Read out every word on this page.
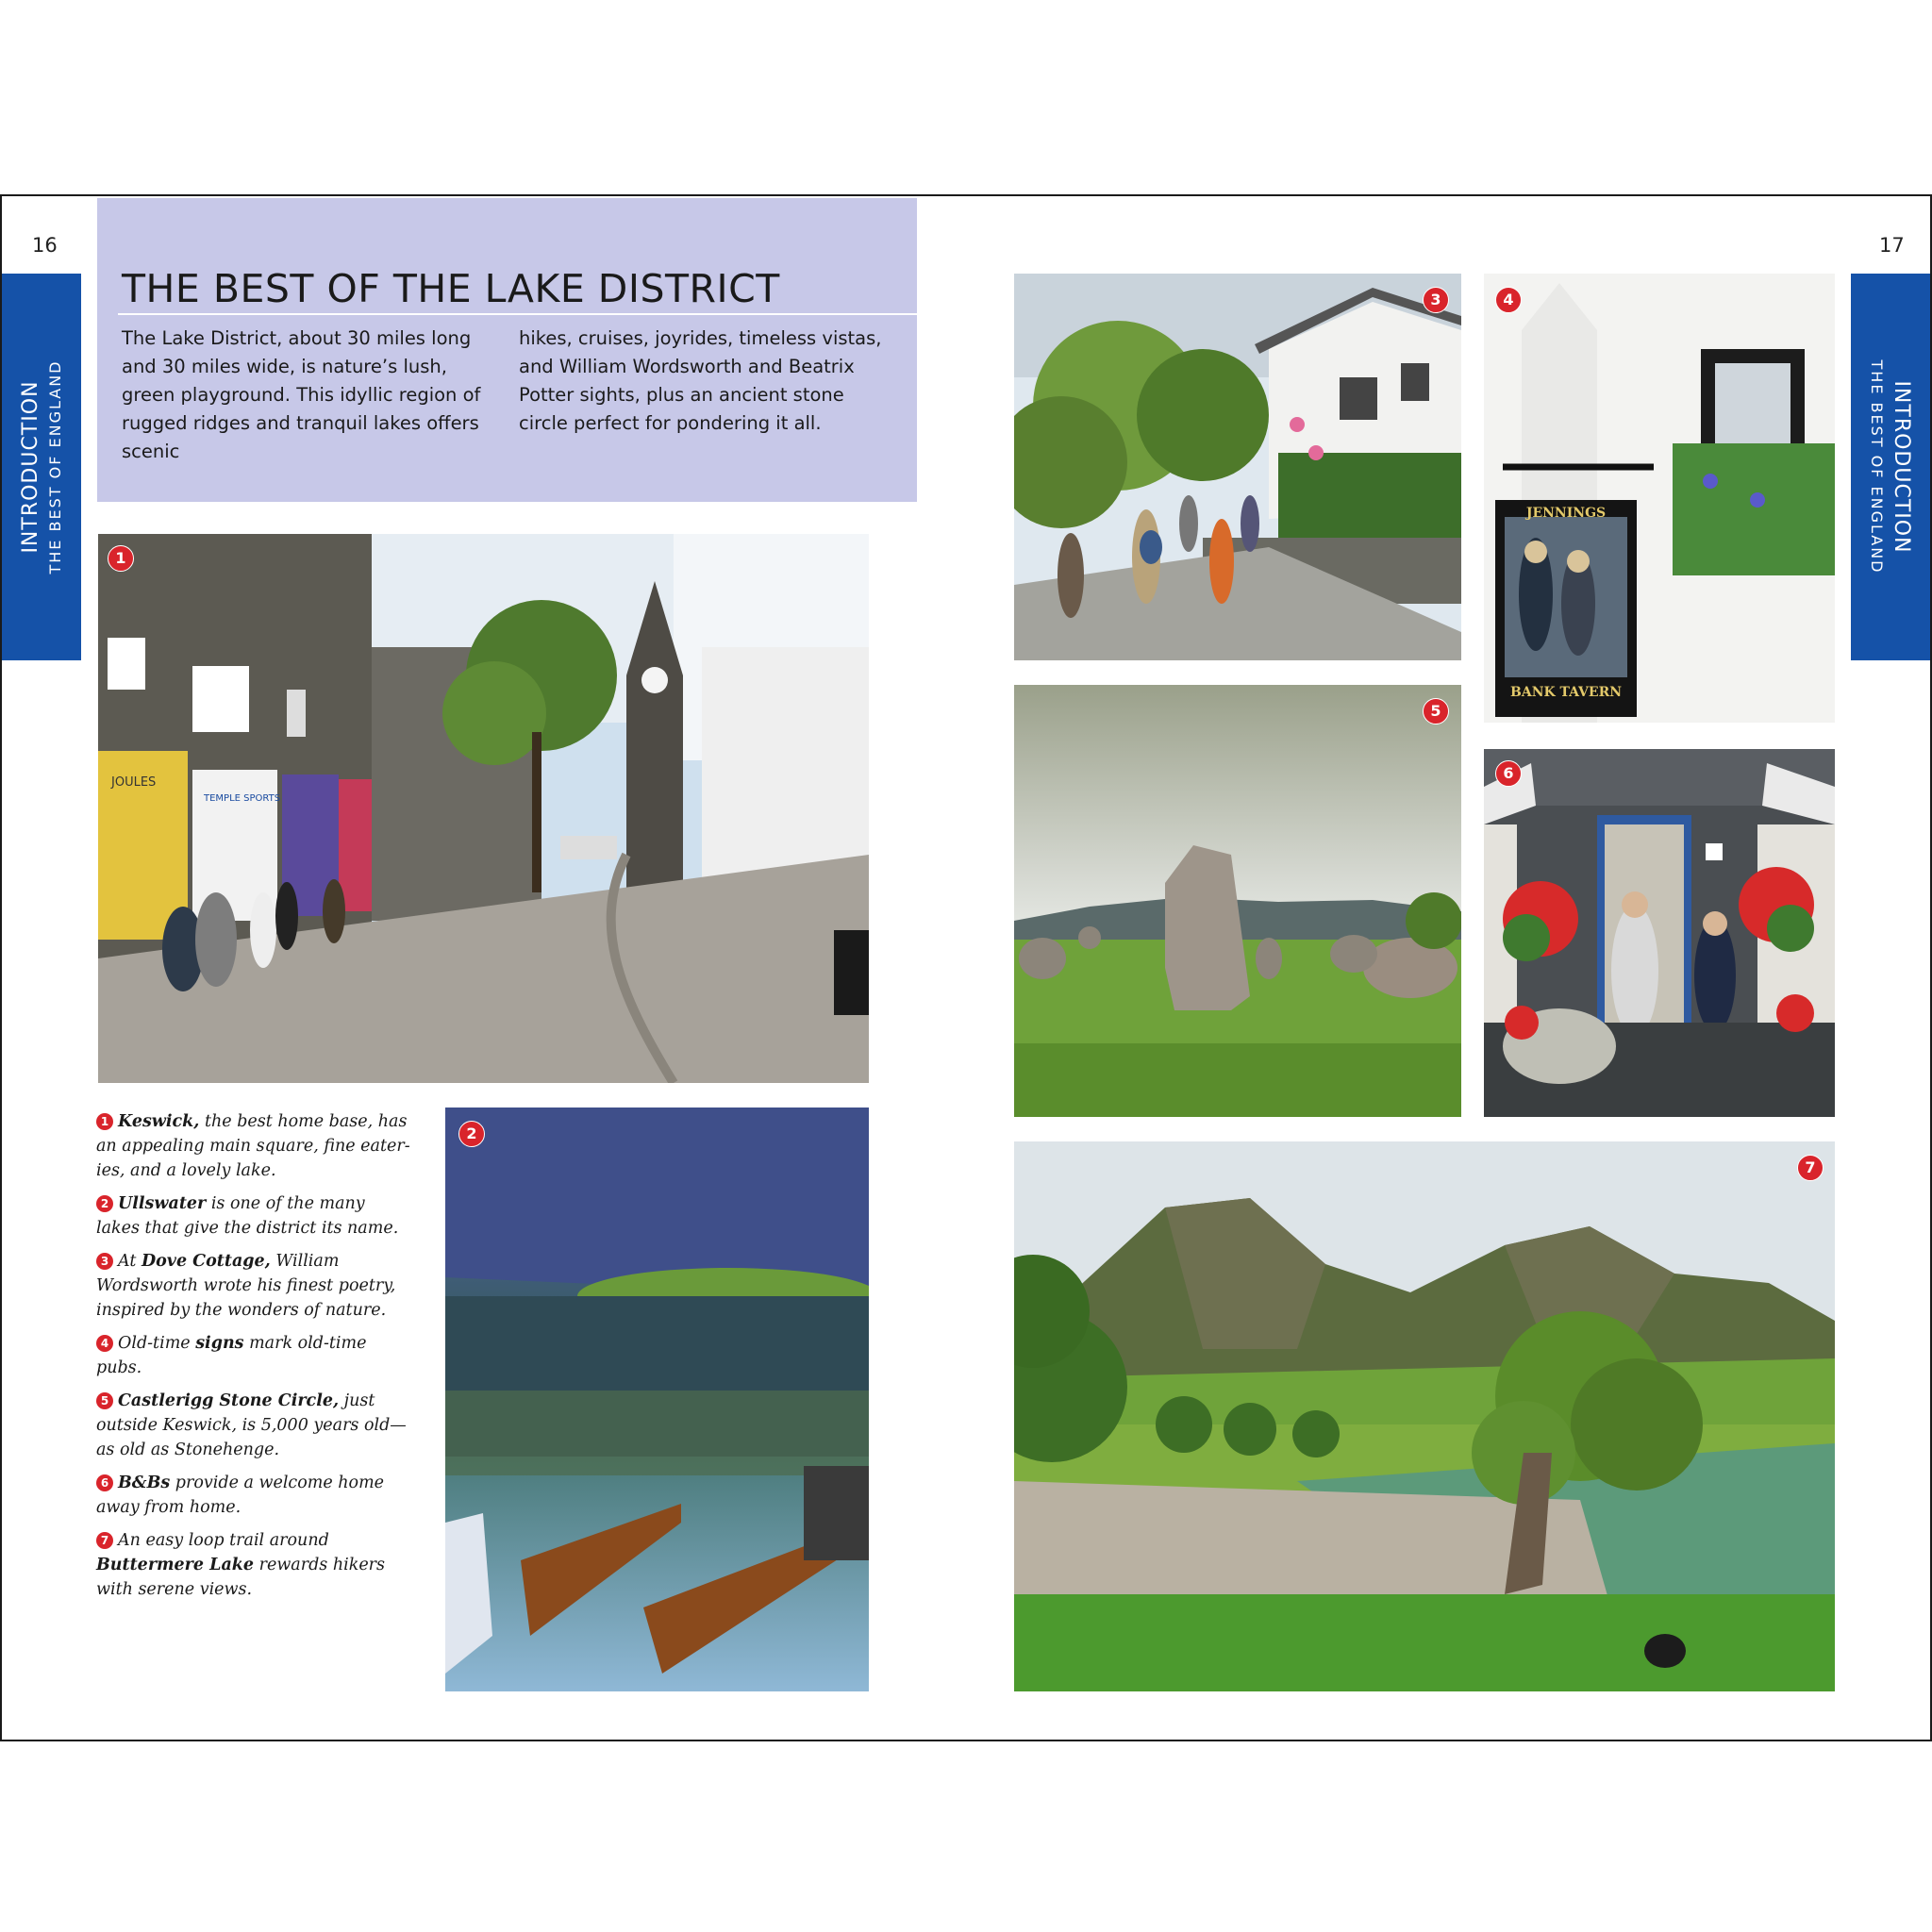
16	17
INTRODUCTION THE BEST OF ENGLAND	INTRODUCTION
THE BEST OF ENGLAND
THE BEST OF THE LAKE DISTRICT
The Lake District, about 30 miles long and 30 miles wide, is nature’s lush, green playground. This idyllic region of rugged ridges and tranquil lakes offers scenic
hikes, cruises, joyrides, timeless vistas, and William Wordsworth and Beatrix Potter sights, plus an ancient stone circle perfect for pondering it all.
JOULES
TEMPLE SPORTS
1
2
3
JENNINGS
BANK TAVERN
4
5
6
7

1 Keswick, the best home base, has an appealing main square, fine eater-ies, and a lovely lake.

2 Ullswater is one of the many lakes that give the district its name.

3 At Dove Cottage, William Wordsworth wrote his finest poetry, inspired by the wonders of nature.

4 Old-time signs mark old-time pubs.

5 Castlerigg Stone Circle, just outside Keswick, is 5,000 years old—as old as Stonehenge.

6 B&Bs provide a welcome home away from home.

7 An easy loop trail around Buttermere Lake rewards hikers with serene views.
